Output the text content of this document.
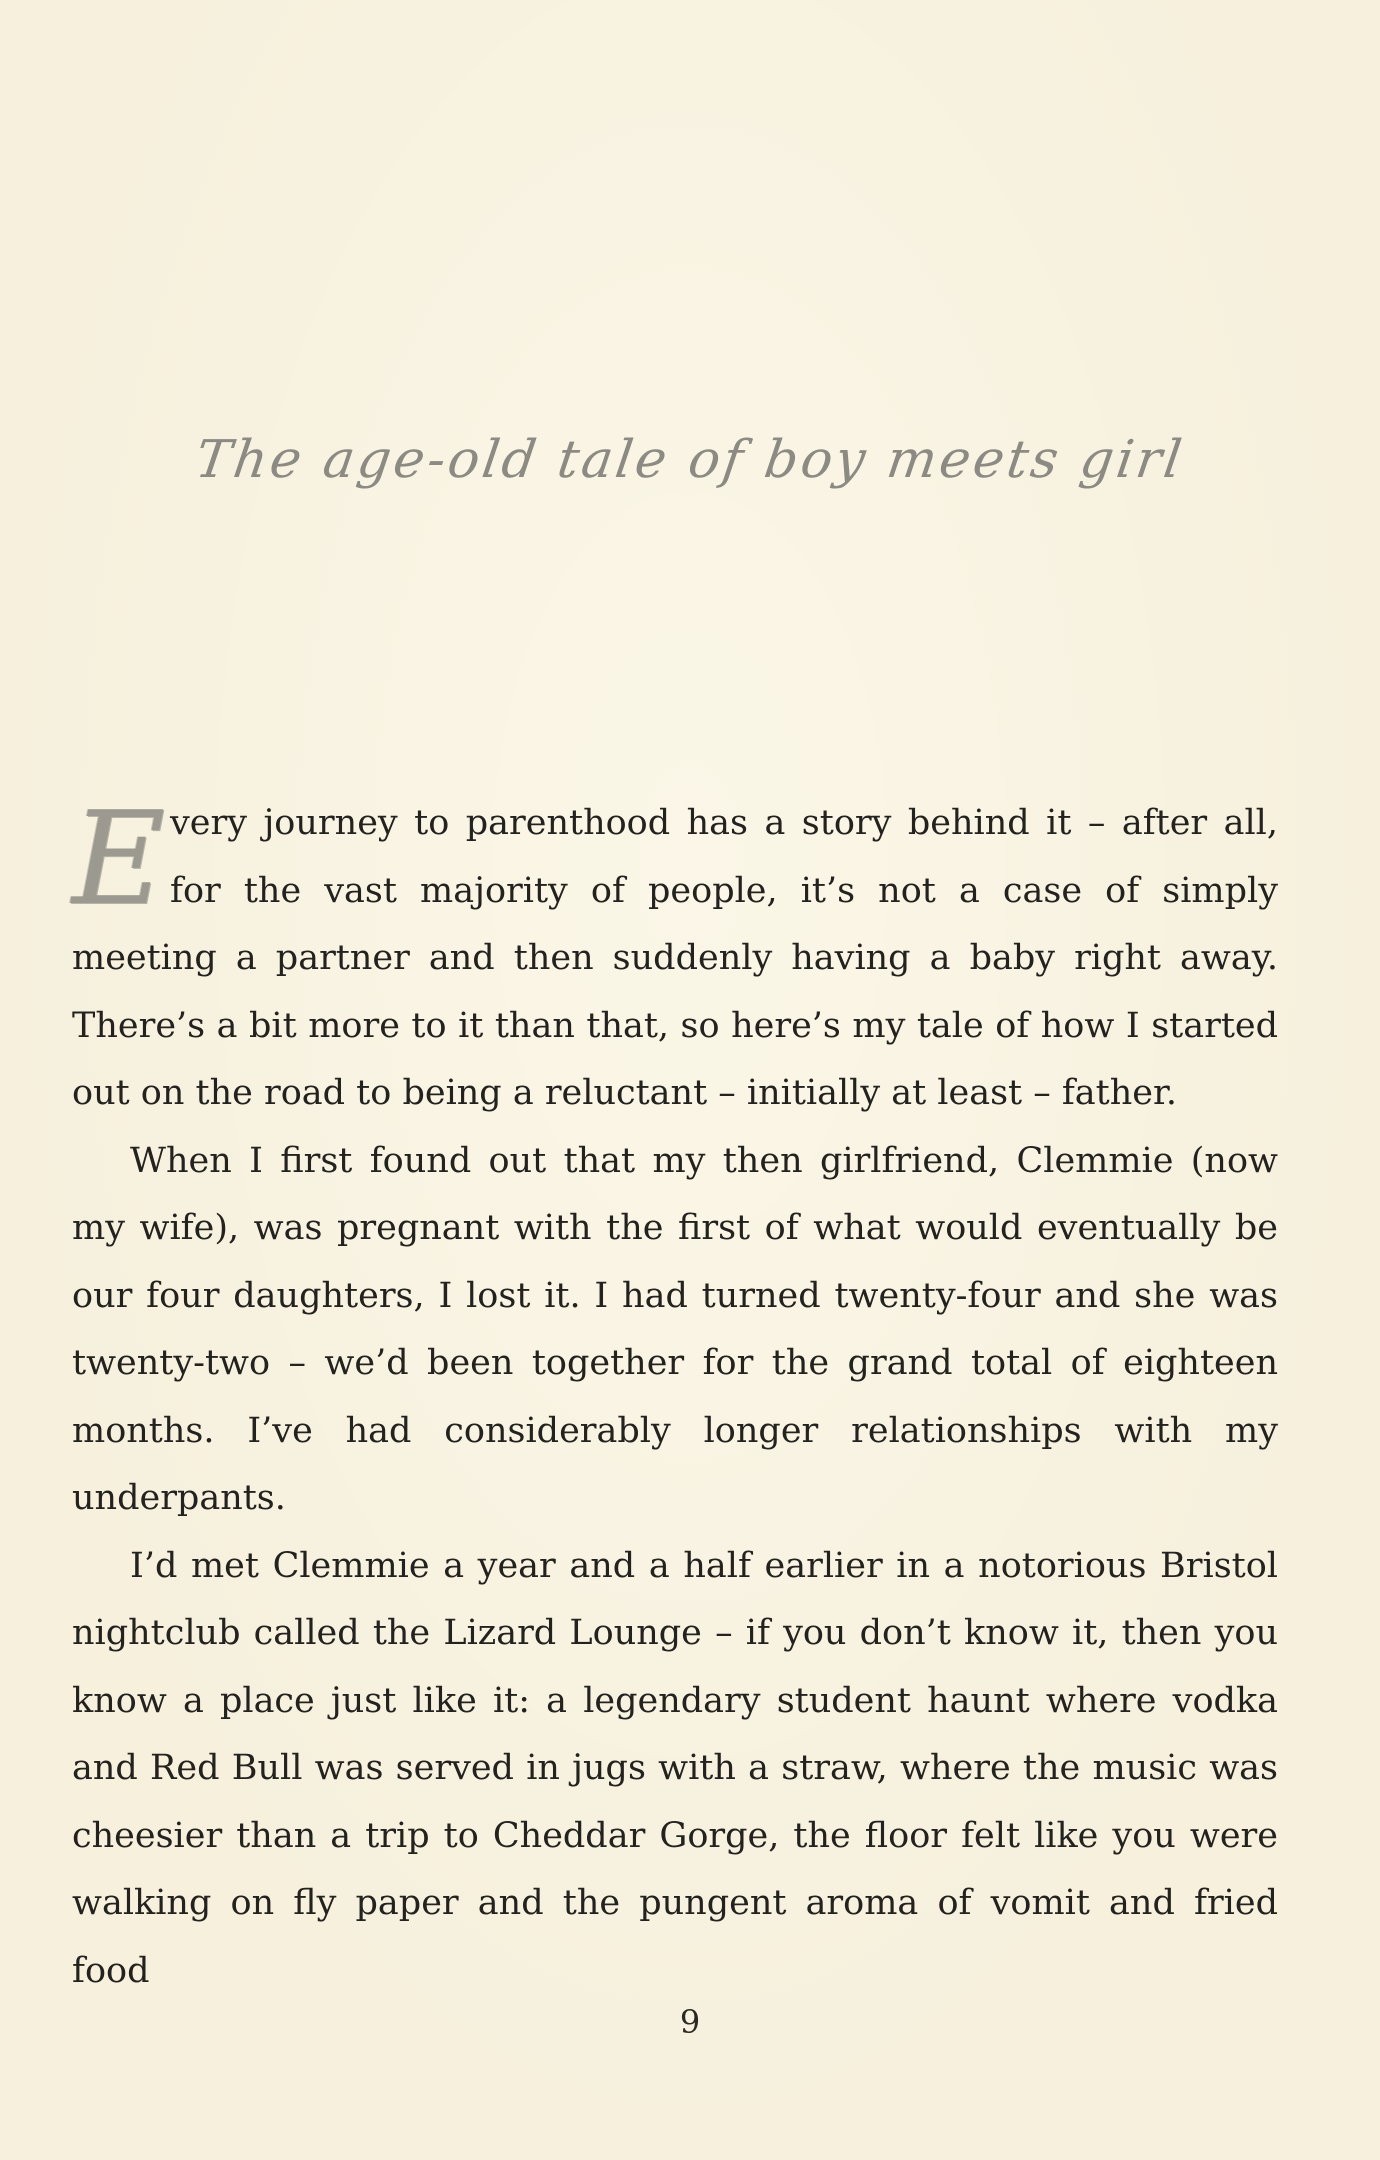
The age-old tale of boy meets girl

Every journey to parenthood has a story behind it – after all, for the vast majority of people, it’s not a case of simply meeting a partner and then suddenly having a baby right away. There’s a bit more to it than that, so here’s my tale of how I started out on the road to being a reluctant – initially at least – father.

When I first found out that my then girlfriend, Clemmie (now my wife), was pregnant with the first of what would eventually be our four daughters, I lost it. I had turned twenty-four and she was twenty-two – we’d been together for the grand total of eighteen months. I’ve had considerably longer relationships with my underpants.

I’d met Clemmie a year and a half earlier in a notorious Bristol nightclub called the Lizard Lounge – if you don’t know it, then you know a place just like it: a legendary student haunt where vodka and Red Bull was served in jugs with a straw, where the music was cheesier than a trip to Cheddar Gorge, the floor felt like you were walking on fly paper and the pungent aroma of vomit and fried food

9
